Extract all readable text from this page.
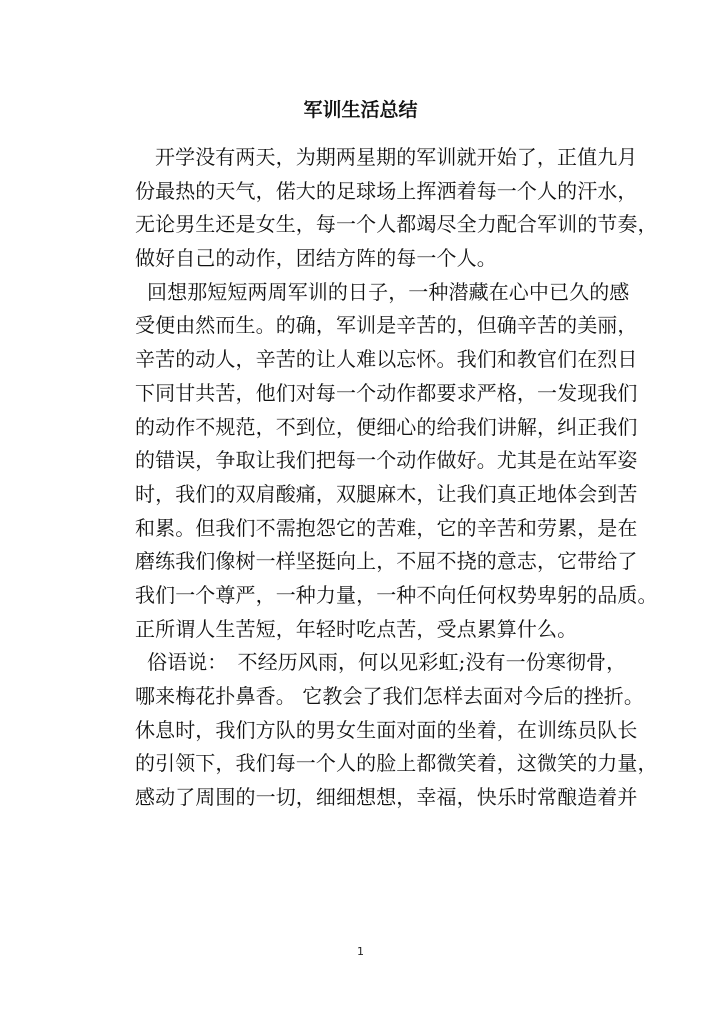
军训生活总结
开学没有两天，为期两星期的军训就开始了，正值九月
份最热的天气，偌大的足球场上挥洒着每一个人的汗水，
无论男生还是女生，每一个人都竭尽全力配合军训的节奏，
做好自己的动作，团结方阵的每一个人。
回想那短短两周军训的日子，一种潜藏在心中已久的感
受便由然而生。的确，军训是辛苦的，但确辛苦的美丽，
辛苦的动人，辛苦的让人难以忘怀。我们和教官们在烈日
下同甘共苦，他们对每一个动作都要求严格，一发现我们
的动作不规范，不到位，便细心的给我们讲解，纠正我们
的错误，争取让我们把每一个动作做好。尤其是在站军姿
时，我们的双肩酸痛，双腿麻木，让我们真正地体会到苦
和累。但我们不需抱怨它的苦难，它的辛苦和劳累，是在
磨练我们像树一样坚挺向上，不屈不挠的意志，它带给了
我们一个尊严，一种力量，一种不向任何权势卑躬的品质。
正所谓人生苦短，年轻时吃点苦，受点累算什么。
俗语说：　不经历风雨，何以见彩虹;没有一份寒彻骨，
哪来梅花扑鼻香。 它教会了我们怎样去面对今后的挫折。
休息时，我们方队的男女生面对面的坐着，在训练员队长
的引领下，我们每一个人的脸上都微笑着，这微笑的力量，
感动了周围的一切，细细想想，幸福，快乐时常酿造着并
1
